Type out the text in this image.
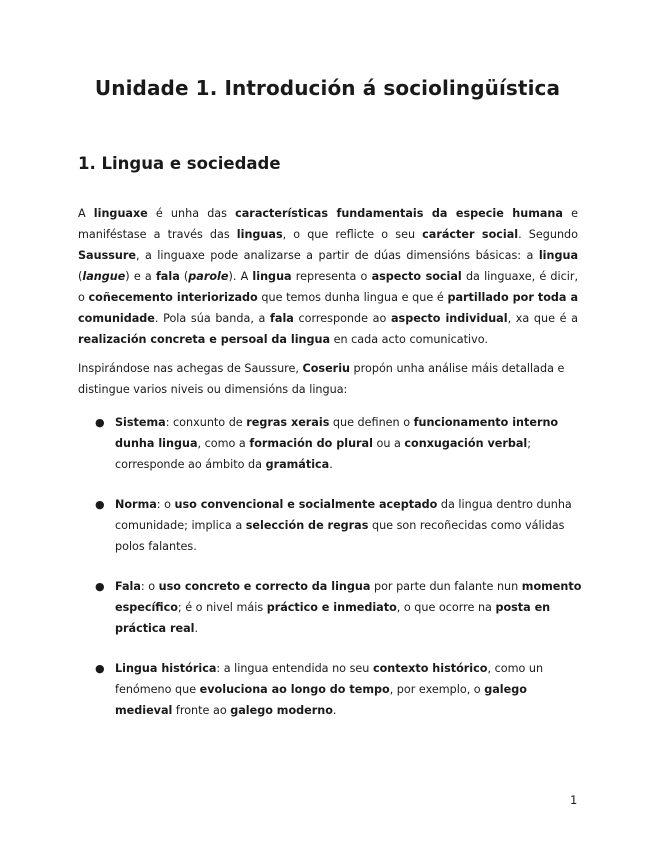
Unidade 1. Introdución á sociolingüística
1. Lingua e sociedade

A linguaxe é unha das características fundamentais da especie humana e maniféstase a través das linguas, o que reflicte o seu carácter social. Segundo Saussure, a linguaxe pode analizarse a partir de dúas dimensións básicas: a lingua (langue) e a fala (parole). A lingua representa o aspecto social da linguaxe, é dicir, o coñecemento interiorizado que temos dunha lingua e que é partillado por toda a comunidade. Pola súa banda, a fala corresponde ao aspecto individual, xa que é a realización concreta e persoal da lingua en cada acto comunicativo.

Inspirándose nas achegas de Saussure, Coseriu propón unha análise máis detallada e distingue varios niveis ou dimensións da lingua:

● Sistema: conxunto de regras xerais que definen o funcionamento interno dunha lingua, como a formación do plural ou a conxugación verbal; corresponde ao ámbito da gramática.
● Norma: o uso convencional e socialmente aceptado da lingua dentro dunha comunidade; implica a selección de regras que son recoñecidas como válidas polos falantes.
● Fala: o uso concreto e correcto da lingua por parte dun falante nun momento específico; é o nivel máis práctico e inmediato, o que ocorre na posta en práctica real.
● Lingua histórica: a lingua entendida no seu contexto histórico, como un fenómeno que evoluciona ao longo do tempo, por exemplo, o galego medieval fronte ao galego moderno.
1
